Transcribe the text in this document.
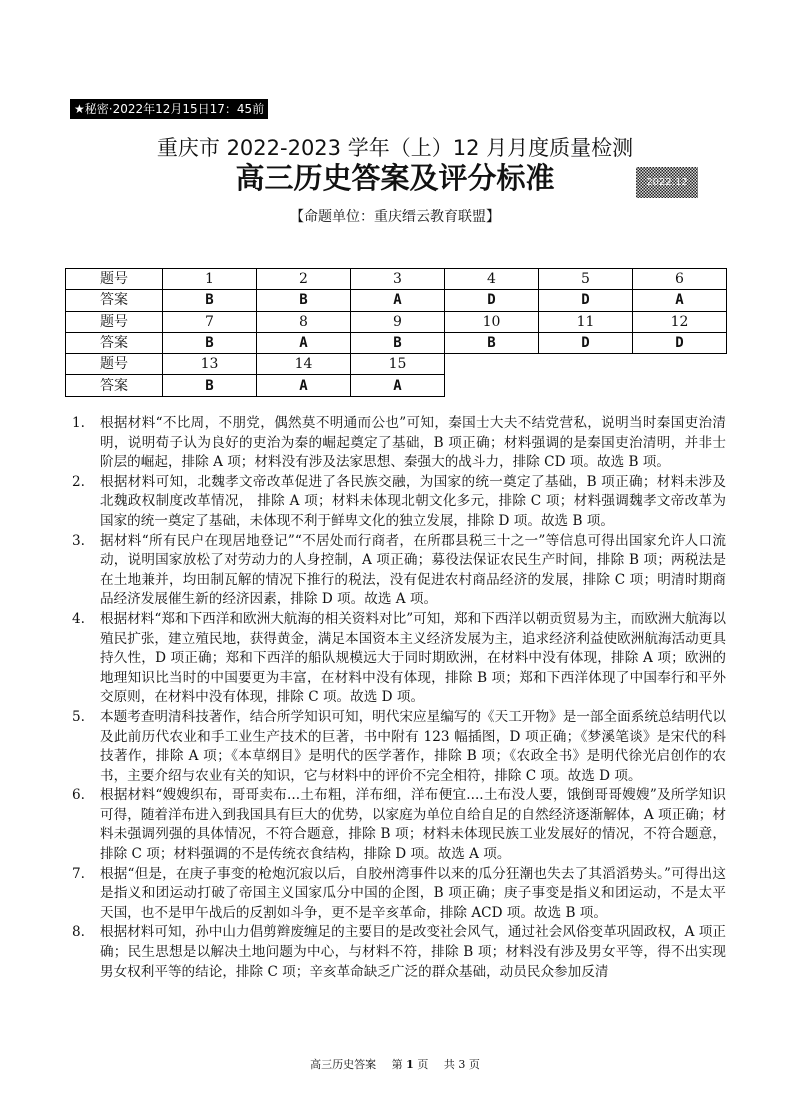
★秘密·2022年12月15日17：45前
重庆市 2022-2023 学年（上）12 月月度质量检测
高三历史答案及评分标准	2022.12
【命题单位：重庆缙云教育联盟】
题号	1	2	3	4	5	6
答案	B	B	A	D	D	A
题号	7	8	9	10	11	12
答案	B	A	B	B	D	D
题号	13	14	15			
答案	B	A	A			
1.	根据材料“不比周，不朋党，偶然莫不明通而公也”可知，秦国士大夫不结党营私，说明当时秦国吏治清明，说明荀子认为良好的吏治为秦的崛起奠定了基础，B 项正确；材料强调的是秦国吏治清明，并非士阶层的崛起，排除 A 项；材料没有涉及法家思想、秦强大的战斗力，排除 CD 项。故选 B 项。
2.	根据材料可知，北魏孝文帝改革促进了各民族交融，为国家的统一奠定了基础，B 项正确；材料未涉及北魏政权制度改革情况， 排除 A 项；材料未体现北朝文化多元，排除 C 项；材料强调魏孝文帝改革为国家的统一奠定了基础，未体现不利于鲜卑文化的独立发展，排除 D 项。故选 B 项。
3.	据材料“所有民户在现居地登记”“不居处而行商者，在所郡县税三十之一”等信息可得出国家允许人口流动，说明国家放松了对劳动力的人身控制，A 项正确；募役法保证农民生产时间，排除 B 项；两税法是在土地兼并，均田制瓦解的情况下推行的税法，没有促进农村商品经济的发展，排除 C 项；明清时期商品经济发展催生新的经济因素，排除 D 项。故选 A 项。
4.	根据材料“郑和下西洋和欧洲大航海的相关资料对比”可知，郑和下西洋以朝贡贸易为主，而欧洲大航海以殖民扩张，建立殖民地，获得黄金，满足本国资本主义经济发展为主，追求经济利益使欧洲航海活动更具持久性，D 项正确；郑和下西洋的船队规模远大于同时期欧洲，在材料中没有体现，排除 A 项；欧洲的地理知识比当时的中国要更为丰富，在材料中没有体现，排除 B 项；郑和下西洋体现了中国奉行和平外交原则，在材料中没有体现，排除 C 项。故选 D 项。
5.	本题考查明清科技著作，结合所学知识可知，明代宋应星编写的《天工开物》是一部全面系统总结明代以及此前历代农业和手工业生产技术的巨著，书中附有 123 幅插图，D 项正确；《梦溪笔谈》是宋代的科技著作，排除 A 项；《本草纲目》是明代的医学著作，排除 B 项；《农政全书》是明代徐光启创作的农书，主要介绍与农业有关的知识，它与材料中的评价不完全相符，排除 C 项。故选 D 项。
6.	根据材料“嫂嫂织布，哥哥卖布...土布粗，洋布细，洋布便宜....土布没人要，饿倒哥哥嫂嫂”及所学知识可得，随着洋布进入到我国具有巨大的优势，以家庭为单位自给自足的自然经济逐渐解体，A 项正确；材料未强调列强的具体情况，不符合题意，排除 B 项；材料未体现民族工业发展好的情况，不符合题意，排除 C 项；材料强调的不是传统衣食结构，排除 D 项。故选 A 项。
7.	根据“但是，在庚子事变的枪炮沉寂以后，自胶州湾事件以来的瓜分狂潮也失去了其滔滔势头。”可得出这是指义和团运动打破了帝国主义国家瓜分中国的企图，B 项正确；庚子事变是指义和团运动，不是太平天国，也不是甲午战后的反割如斗争，更不是辛亥革命，排除 ACD 项。故选 B 项。
8.	根据材料可知，孙中山力倡剪辫废缠足的主要目的是改变社会风气，通过社会风俗变革巩固政权，A 项正确；民生思想是以解决土地问题为中心，与材料不符，排除 B 项；材料没有涉及男女平等，得不出实现男女权利平等的结论，排除 C 项；辛亥革命缺乏广泛的群众基础，动员民众参加反清
高三历史答案 第 1 页 共 3 页
